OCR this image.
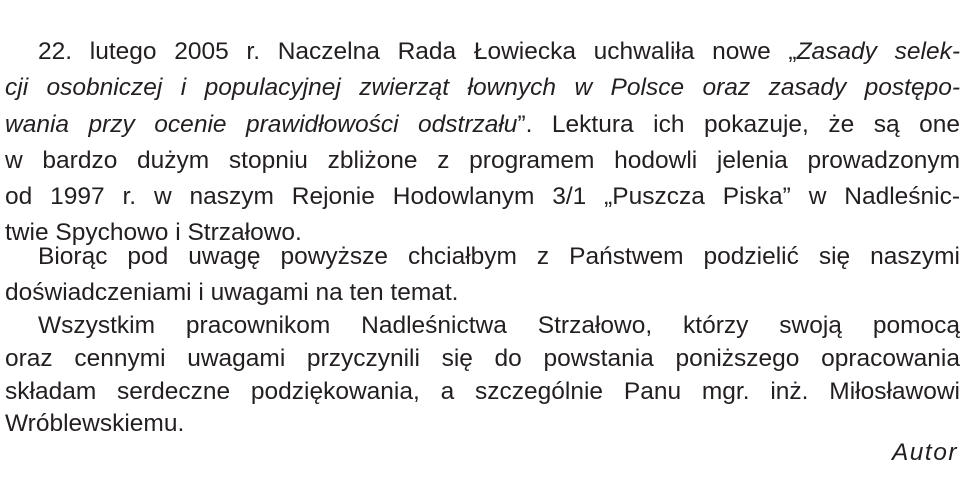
22. lutego 2005 r. Naczelna Rada Łowiecka uchwaliła nowe „Zasady selek-
cji osobniczej i populacyjnej zwierząt łownych w Polsce oraz zasady postępo-
wania przy ocenie prawidłowości odstrzału”. Lektura ich pokazuje, że są one
w bardzo dużym stopniu zbliżone z programem hodowli jelenia prowadzonym
od 1997 r. w naszym Rejonie Hodowlanym 3/1 „Puszcza Piska” w Nadleśnic-
twie Spychowo i Strzałowo.
Biorąc pod uwagę powyższe chciałbym z Państwem podzielić się naszymi
doświadczeniami i uwagami na ten temat.
Wszystkim pracownikom Nadleśnictwa Strzałowo, którzy swoją pomocą
oraz cennymi uwagami przyczynili się do powstania poniższego opracowania
składam serdeczne podziękowania, a szczególnie Panu mgr. inż. Miłosławowi
Wróblewskiemu.
Autor
